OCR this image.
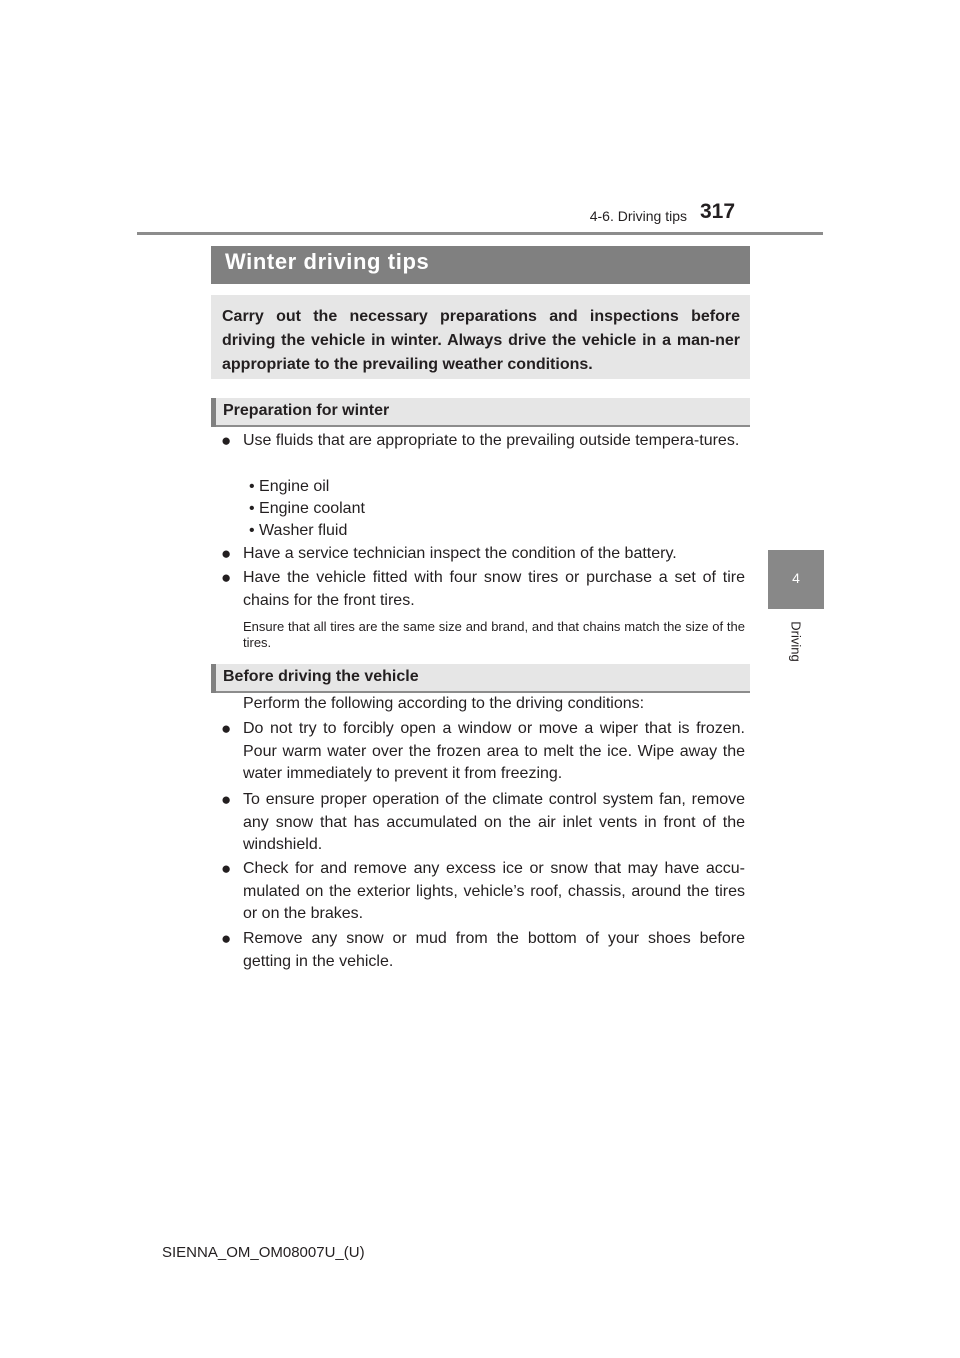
4-6. Driving tips 317
4
Driving
Winter driving tips
Carry out the necessary preparations and inspections before driving the vehicle in winter. Always drive the vehicle in a man-ner appropriate to the prevailing weather conditions.
Preparation for winter
● Use fluids that are appropriate to the prevailing outside tempera-tures.
• Engine oil
• Engine coolant
• Washer fluid
● Have a service technician inspect the condition of the battery.
● Have the vehicle fitted with four snow tires or purchase a set of tire chains for the front tires.
Ensure that all tires are the same size and brand, and that chains match the size of the tires.
Before driving the vehicle
Perform the following according to the driving conditions:
● Do not try to forcibly open a window or move a wiper that is frozen. Pour warm water over the frozen area to melt the ice. Wipe away the water immediately to prevent it from freezing.
● To ensure proper operation of the climate control system fan, remove any snow that has accumulated on the air inlet vents in front of the windshield.
● Check for and remove any excess ice or snow that may have accu-mulated on the exterior lights, vehicle’s roof, chassis, around the tires or on the brakes.
● Remove any snow or mud from the bottom of your shoes before getting in the vehicle.
SIENNA_OM_OM08007U_(U)
